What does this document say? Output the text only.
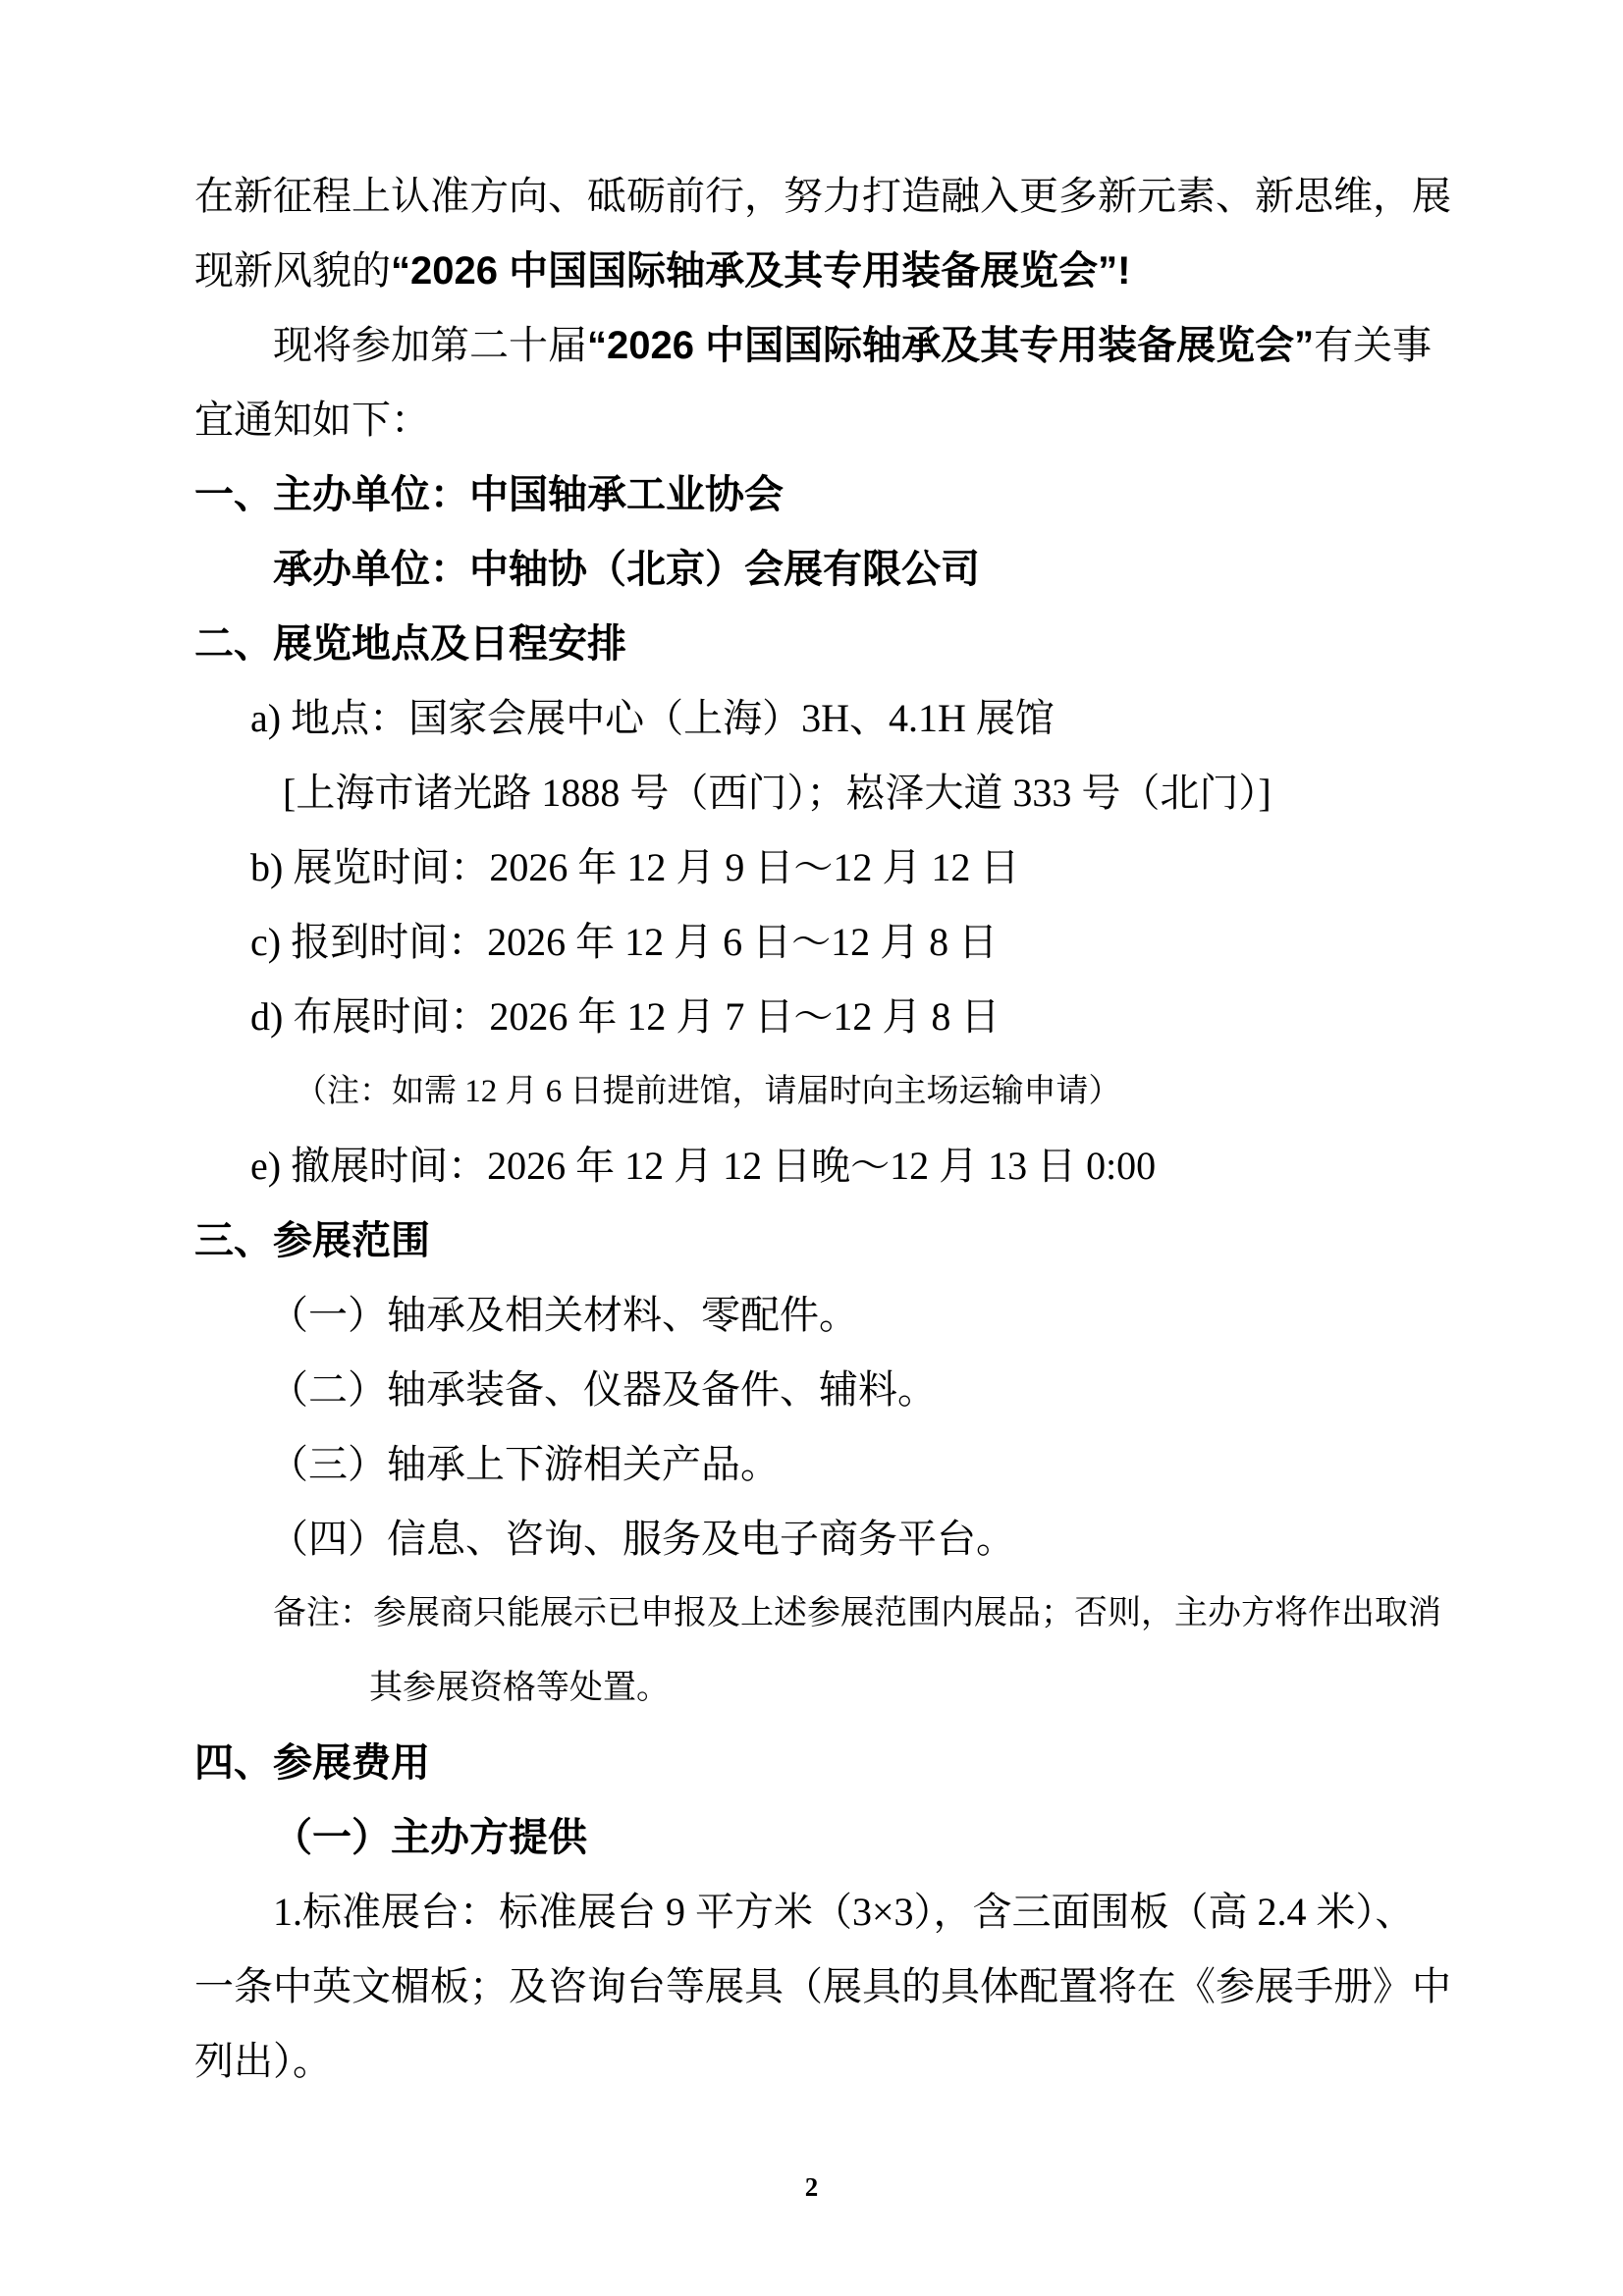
在新征程上认准方向、砥砺前行，努力打造融入更多新元素、新思维，展
现新风貌的“2026 中国国际轴承及其专用装备展览会”!
现将参加第二十届“2026 中国国际轴承及其专用装备展览会”有关事
宜通知如下：
一、主办单位：中国轴承工业协会
承办单位：中轴协（北京）会展有限公司
二、展览地点及日程安排
a) 地点：国家会展中心（上海）3H、4.1H 展馆
[上海市诸光路 1888 号（西门）；崧泽大道 333 号（北门）]
b) 展览时间：2026 年 12 月 9 日～12 月 12 日
c) 报到时间：2026 年 12 月 6 日～12 月 8 日
d) 布展时间：2026 年 12 月 7 日～12 月 8 日
（注：如需 12 月 6 日提前进馆，请届时向主场运输申请）
e) 撤展时间：2026 年 12 月 12 日晚～12 月 13 日 0:00
三、参展范围
（一）轴承及相关材料、零配件。
（二）轴承装备、仪器及备件、辅料。
（三）轴承上下游相关产品。
（四）信息、咨询、服务及电子商务平台。
备注：参展商只能展示已申报及上述参展范围内展品；否则，主办方将作出取消
其参展资格等处置。
四、参展费用
（一）主办方提供
1.标准展台：标准展台 9 平方米（3×3），含三面围板（高 2.4 米）、
一条中英文楣板；及咨询台等展具（展具的具体配置将在《参展手册》中
列出）。
2
